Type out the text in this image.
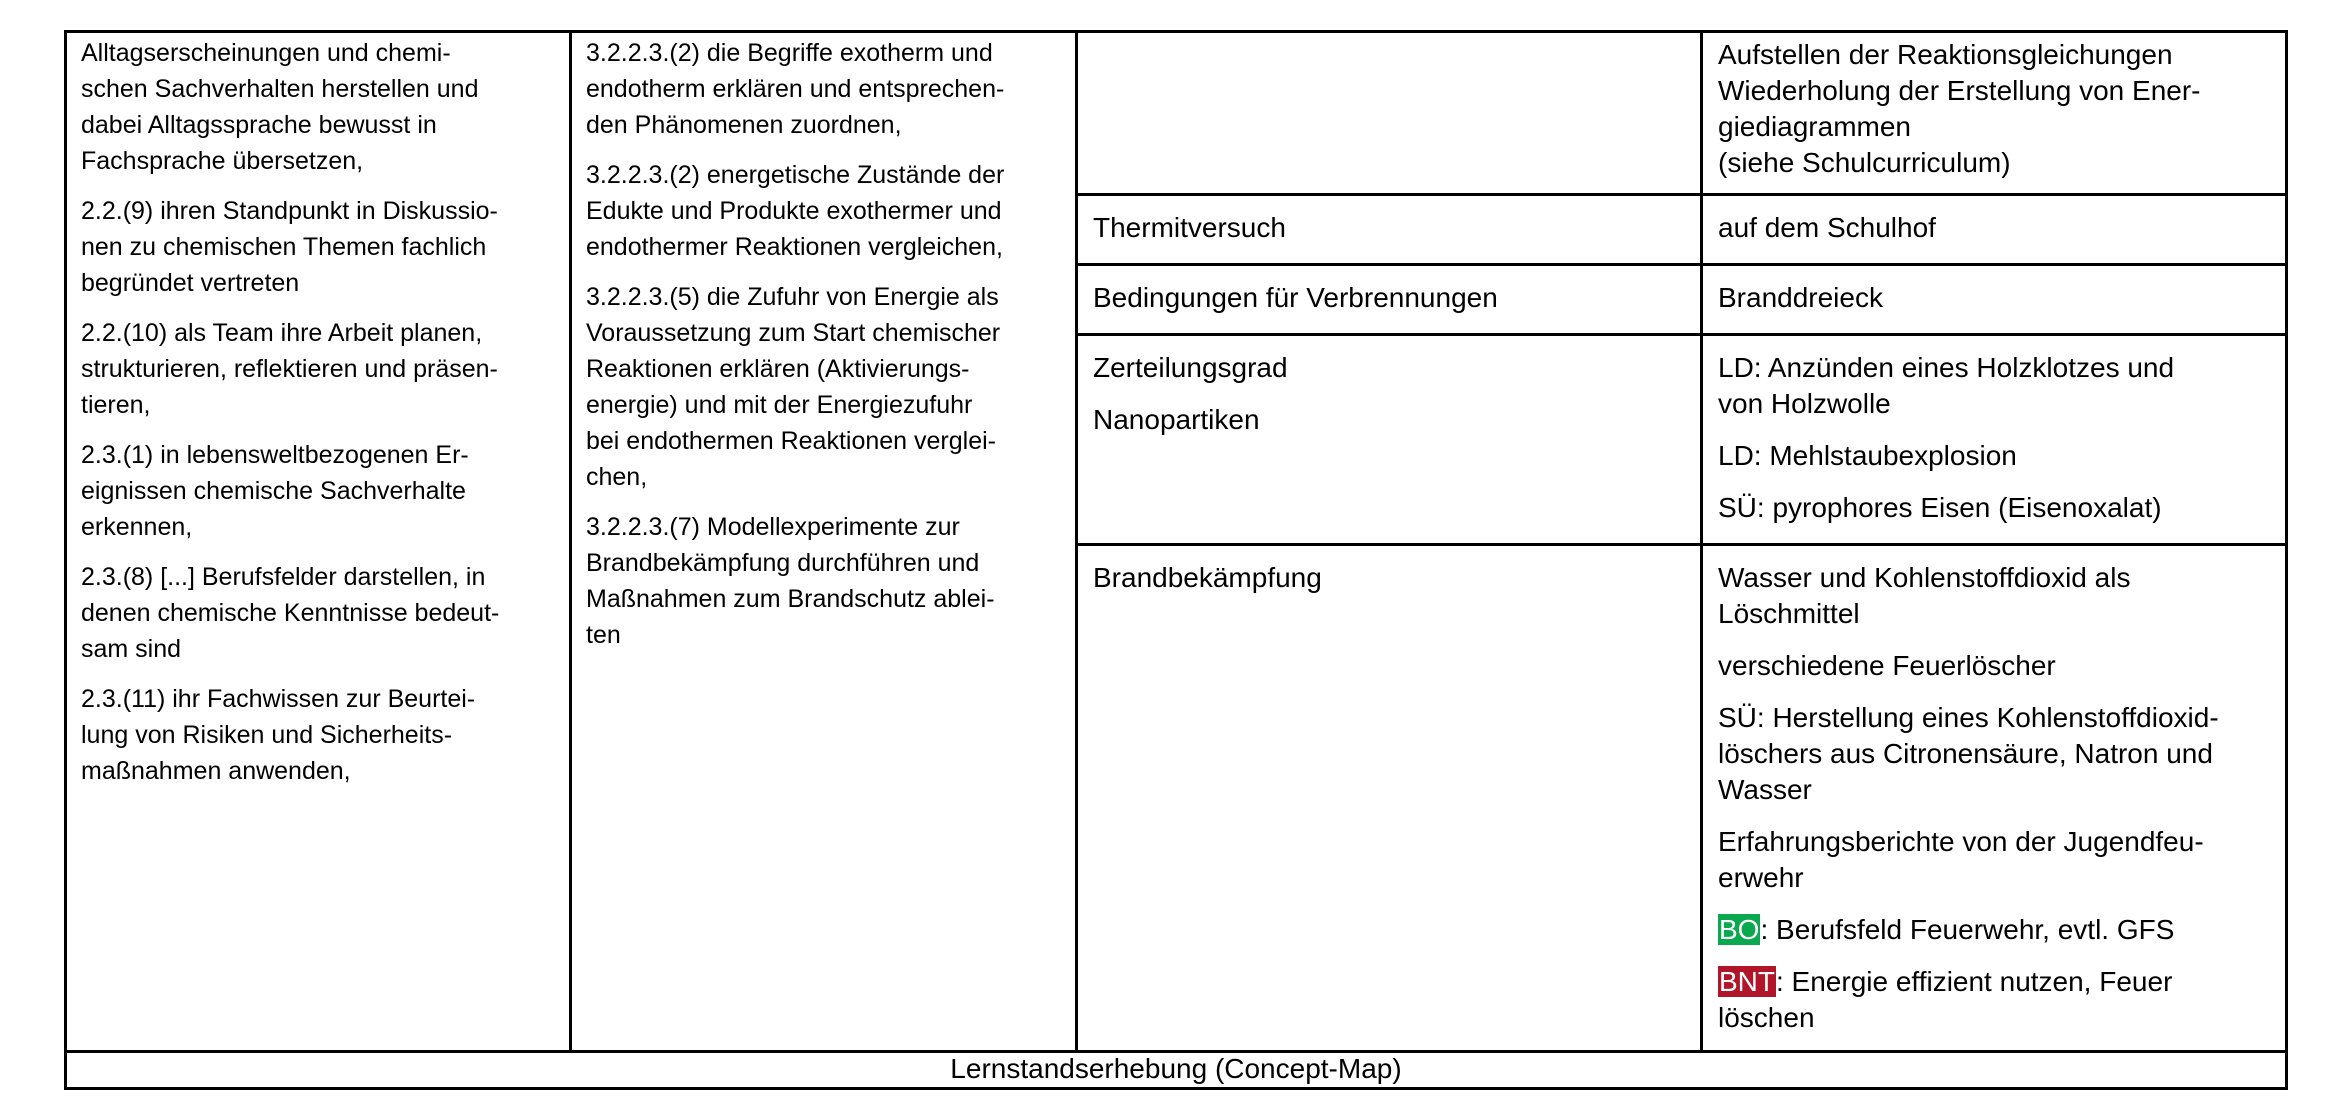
Alltagserscheinungen und chemi-
schen Sachverhalten herstellen und
dabei Alltagssprache bewusst in
Fachsprache übersetzen,

2.2.(9) ihren Standpunkt in Diskussio-
nen zu chemischen Themen fachlich
begründet vertreten

2.2.(10) als Team ihre Arbeit planen,
strukturieren, reflektieren und präsen-
tieren,

2.3.(1) in lebensweltbezogenen Er-
eignissen chemische Sachverhalte
erkennen,

2.3.(8) [...] Berufsfelder darstellen, in
denen chemische Kenntnisse bedeut-
sam sind

2.3.(11) ihr Fachwissen zur Beurtei-
lung von Risiken und Sicherheits-
maßnahmen anwenden,

3.2.2.3.(2) die Begriffe exotherm und
endotherm erklären und entsprechen-
den Phänomenen zuordnen,

3.2.2.3.(2) energetische Zustände der
Edukte und Produkte exothermer und
endothermer Reaktionen vergleichen,

3.2.2.3.(5) die Zufuhr von Energie als
Voraussetzung zum Start chemischer
Reaktionen erklären (Aktivierungs-
energie) und mit der Energiezufuhr
bei endothermen Reaktionen verglei-
chen,

3.2.2.3.(7) Modellexperimente zur
Brandbekämpfung durchführen und
Maßnahmen zum Brandschutz ablei-
ten

Thermitversuch

Bedingungen für Verbrennungen

Zerteilungsgrad

Nanopartiken

Brandbekämpfung

Aufstellen der Reaktionsgleichungen
Wiederholung der Erstellung von Ener-
giediagrammen
(siehe Schulcurriculum)

auf dem Schulhof

Branddreieck

LD: Anzünden eines Holzklotzes und
von Holzwolle

LD: Mehlstaubexplosion

SÜ: pyrophores Eisen (Eisenoxalat)

Wasser und Kohlenstoffdioxid als
Löschmittel

verschiedene Feuerlöscher

SÜ: Herstellung eines Kohlenstoffdioxid-
löschers aus Citronensäure, Natron und
Wasser

Erfahrungsberichte von der Jugendfeu-
erwehr

BO: Berufsfeld Feuerwehr, evtl. GFS

BNT: Energie effizient nutzen, Feuer
löschen

Lernstandserhebung (Concept-Map)
